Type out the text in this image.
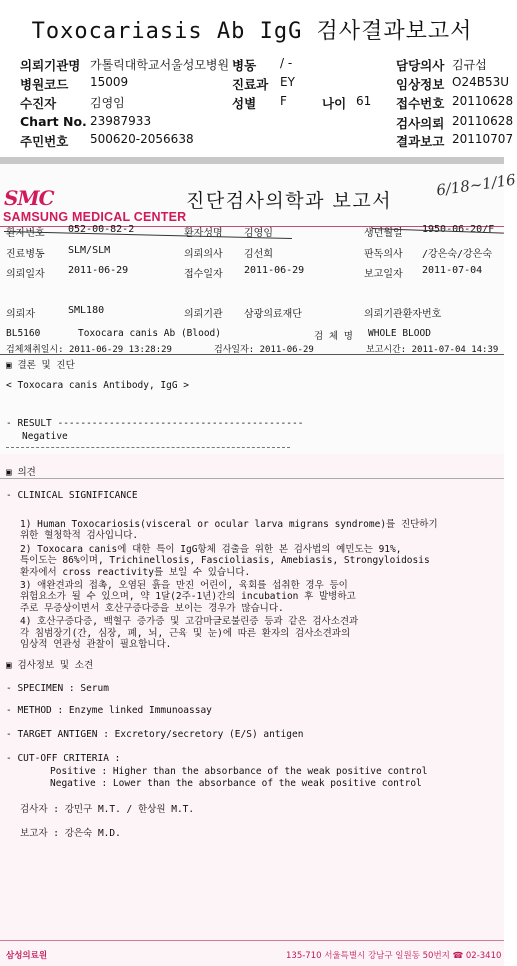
Toxocariasis Ab IgG 검사결과보고서
의뢰기관명 가톨릭대학교서울성모병원 병동 / -	담당의사 김규섭
병원코드 15009	진료과 EY	임상정보 O24B53U
수진자	김영임	성별 F	나이 61 접수번호 20110628
Chart No. 23987933	검사의뢰 20110628
주민번호 500620-2056638	결과보고 20110707
SMC
SAMSUNG MEDICAL CENTER
진단검사의학과 보고서
6/18~1/16
환자번호 052-00-82-2	환자성명 김영임	생년월일 1950-06-20/F
진료병동 SLM/SLM	의뢰의사 김선희	판독의사 /강은숙/강은숙
의뢰일자 2011-06-29	접수일자 2011-06-29	보고일자 2011-07-04
의뢰자	SML180	의뢰기관 삼광의료재단	의뢰기관환자번호
BL5160	Toxocara canis Ab (Blood)	검 체 명 WHOLE BLOOD
검체채취일시: 2011-06-29 13:28:29	검사일자: 2011-06-29	보고시간: 2011-07-04 14:39
▣ 결론 및 진단
< Toxocara canis Antibody, IgG >
- RESULT -------------------------------------------
Negative
▣ 의견
- CLINICAL SIGNIFICANCE
1) Human Toxocariosis(visceral or ocular larva migrans syndrome)를 진단하기
위한 혈청학적 검사입니다.
2) Toxocara canis에 대한 특이 IgG항체 검출을 위한 본 검사법의 예민도는 91%,
특이도는 86%이며, Trichinellosis, Fascioliasis, Amebiasis, Strongyloidosis
환자에서 cross reactivity를 보일 수 있습니다.
3) 애완견과의 접촉, 오염된 흙을 만진 어린이, 육회를 섭취한 경우 등이
위험요소가 될 수 있으며, 약 1달(2주-1년)간의 incubation 후 발병하고
주로 무증상이면서 호산구증다증을 보이는 경우가 많습니다.
4) 호산구증다증, 백혈구 증가증 및 고감마글로불린증 등과 같은 검사소견과
각 침범장기(간, 심장, 폐, 뇌, 근육 및 눈)에 따른 환자의 검사소견과의
임상적 연관성 관찰이 필요합니다.
▣ 검사정보 및 소견
- SPECIMEN : Serum
- METHOD : Enzyme linked Immunoassay
- TARGET ANTIGEN : Excretory/secretory (E/S) antigen
- CUT-OFF CRITERIA :
Positive : Higher than the absorbance of the weak positive control
Negative : Lower than the absorbance of the weak positive control
검사자 : 강민구 M.T. / 한상원 M.T.
보고자 : 강은숙 M.D.
삼성의료원	135-710 서울특별시 강남구 일원동 50번지 ☎ 02-3410
